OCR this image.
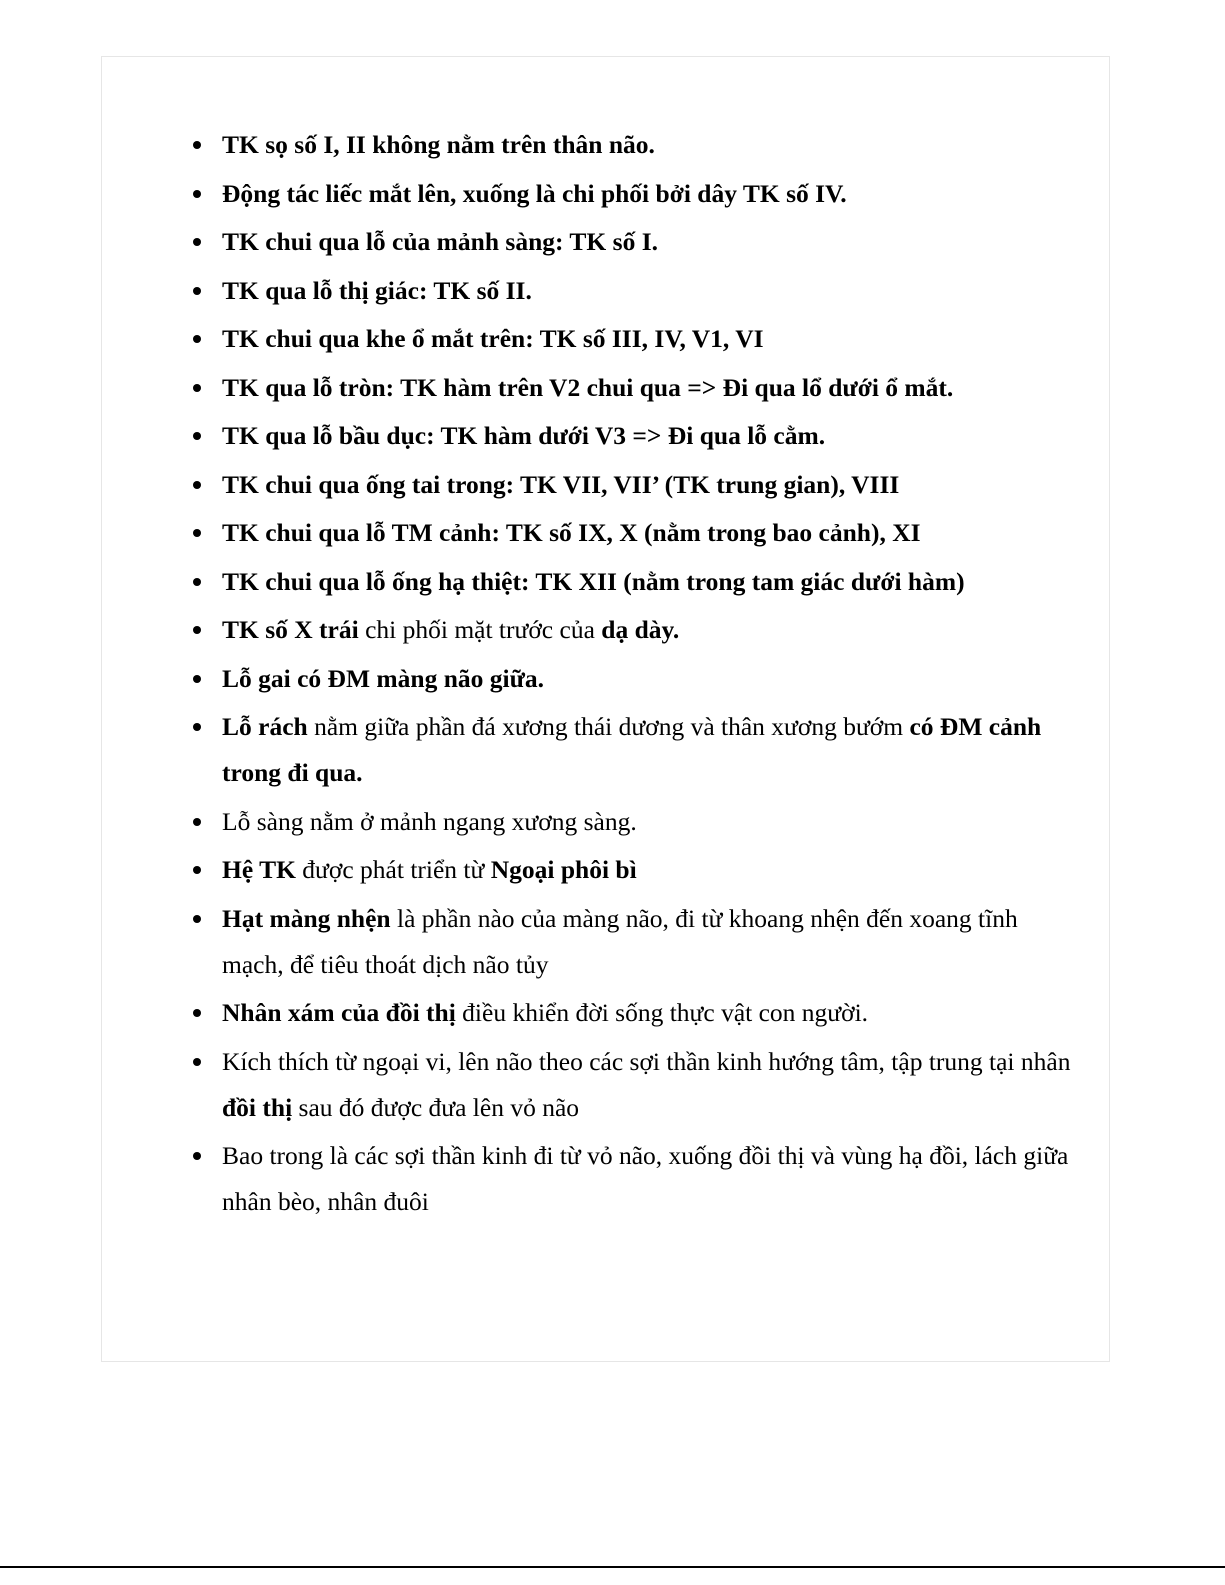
TK sọ số I, II không nằm trên thân não.
Động tác liếc mắt lên, xuống là chi phối bởi dây TK số IV.
TK chui qua lỗ của mảnh sàng: TK số I.
TK qua lỗ thị giác: TK số II.
TK chui qua khe ổ mắt trên: TK số III, IV, V1, VI
TK qua lỗ tròn: TK hàm trên V2 chui qua => Đi qua lổ dưới ổ mắt.
TK qua lỗ bầu dục: TK hàm dưới V3 => Đi qua lỗ cằm.
TK chui qua ống tai trong: TK VII, VII’ (TK trung gian), VIII
TK chui qua lỗ TM cảnh: TK số IX, X (nằm trong bao cảnh), XI
TK chui qua lỗ ống hạ thiệt: TK XII (nằm trong tam giác dưới hàm)
TK số X trái chi phối mặt trước của dạ dày.
Lỗ gai có ĐM màng não giữa.
Lỗ rách nằm giữa phần đá xương thái dương và thân xương bướm có ĐM cảnh trong đi qua.
Lỗ sàng nằm ở mảnh ngang xương sàng.
Hệ TK được phát triển từ Ngoại phôi bì
Hạt màng nhện là phần nào của màng não, đi từ khoang nhện đến xoang tĩnh mạch, để tiêu thoát dịch não tủy
Nhân xám của đồi thị điều khiển đời sống thực vật con người.
Kích thích từ ngoại vi, lên não theo các sợi thần kinh hướng tâm, tập trung tại nhân đồi thị sau đó được đưa lên vỏ não
Bao trong là các sợi thần kinh đi từ vỏ não, xuống đồi thị và vùng hạ đồi, lách giữa nhân bèo, nhân đuôi
